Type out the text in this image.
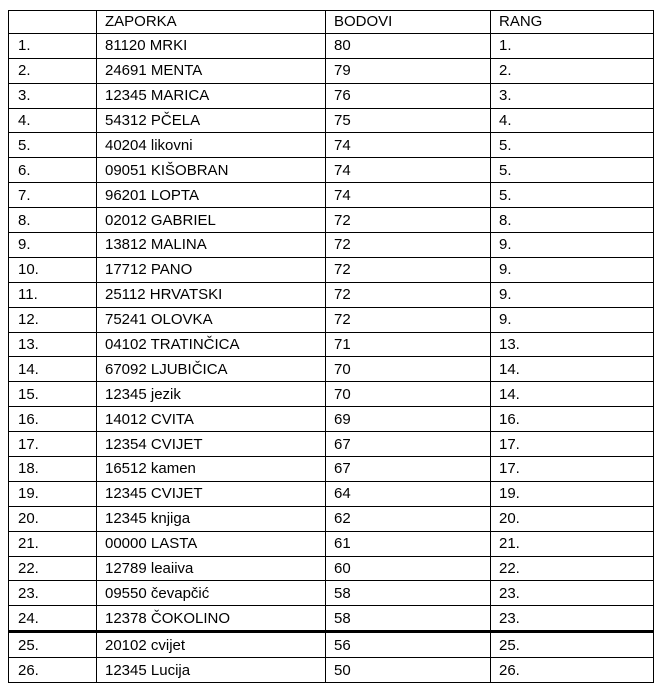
	ZAPORKA	BODOVI	RANG
1.	81120 MRKI	80	1.
2.	24691 MENTA	79	2.
3.	12345 MARICA	76	3.
4.	54312 PČELA	75	4.
5.	40204 likovni	74	5.
6.	09051 KIŠOBRAN	74	5.
7.	96201 LOPTA	74	5.
8.	02012 GABRIEL	72	8.
9.	13812 MALINA	72	9.
10.	17712 PANO	72	9.
11.	25112 HRVATSKI	72	9.
12.	75241 OLOVKA	72	9.
13.	04102 TRATINČICA	71	13.
14.	67092 LJUBIČICA	70	14.
15.	12345 jezik	70	14.
16.	14012 CVITA	69	16.
17.	12354 CVIJET	67	17.
18.	16512 kamen	67	17.
19.	12345 CVIJET	64	19.
20.	12345 knjiga	62	20.
21.	00000 LASTA	61	21.
22.	12789 leaiiva	60	22.
23.	09550 čevapčić	58	23.
24.	12378 ČOKOLINO	58	23.
25.	20102 cvijet	56	25.
26.	12345 Lucija	50	26.
